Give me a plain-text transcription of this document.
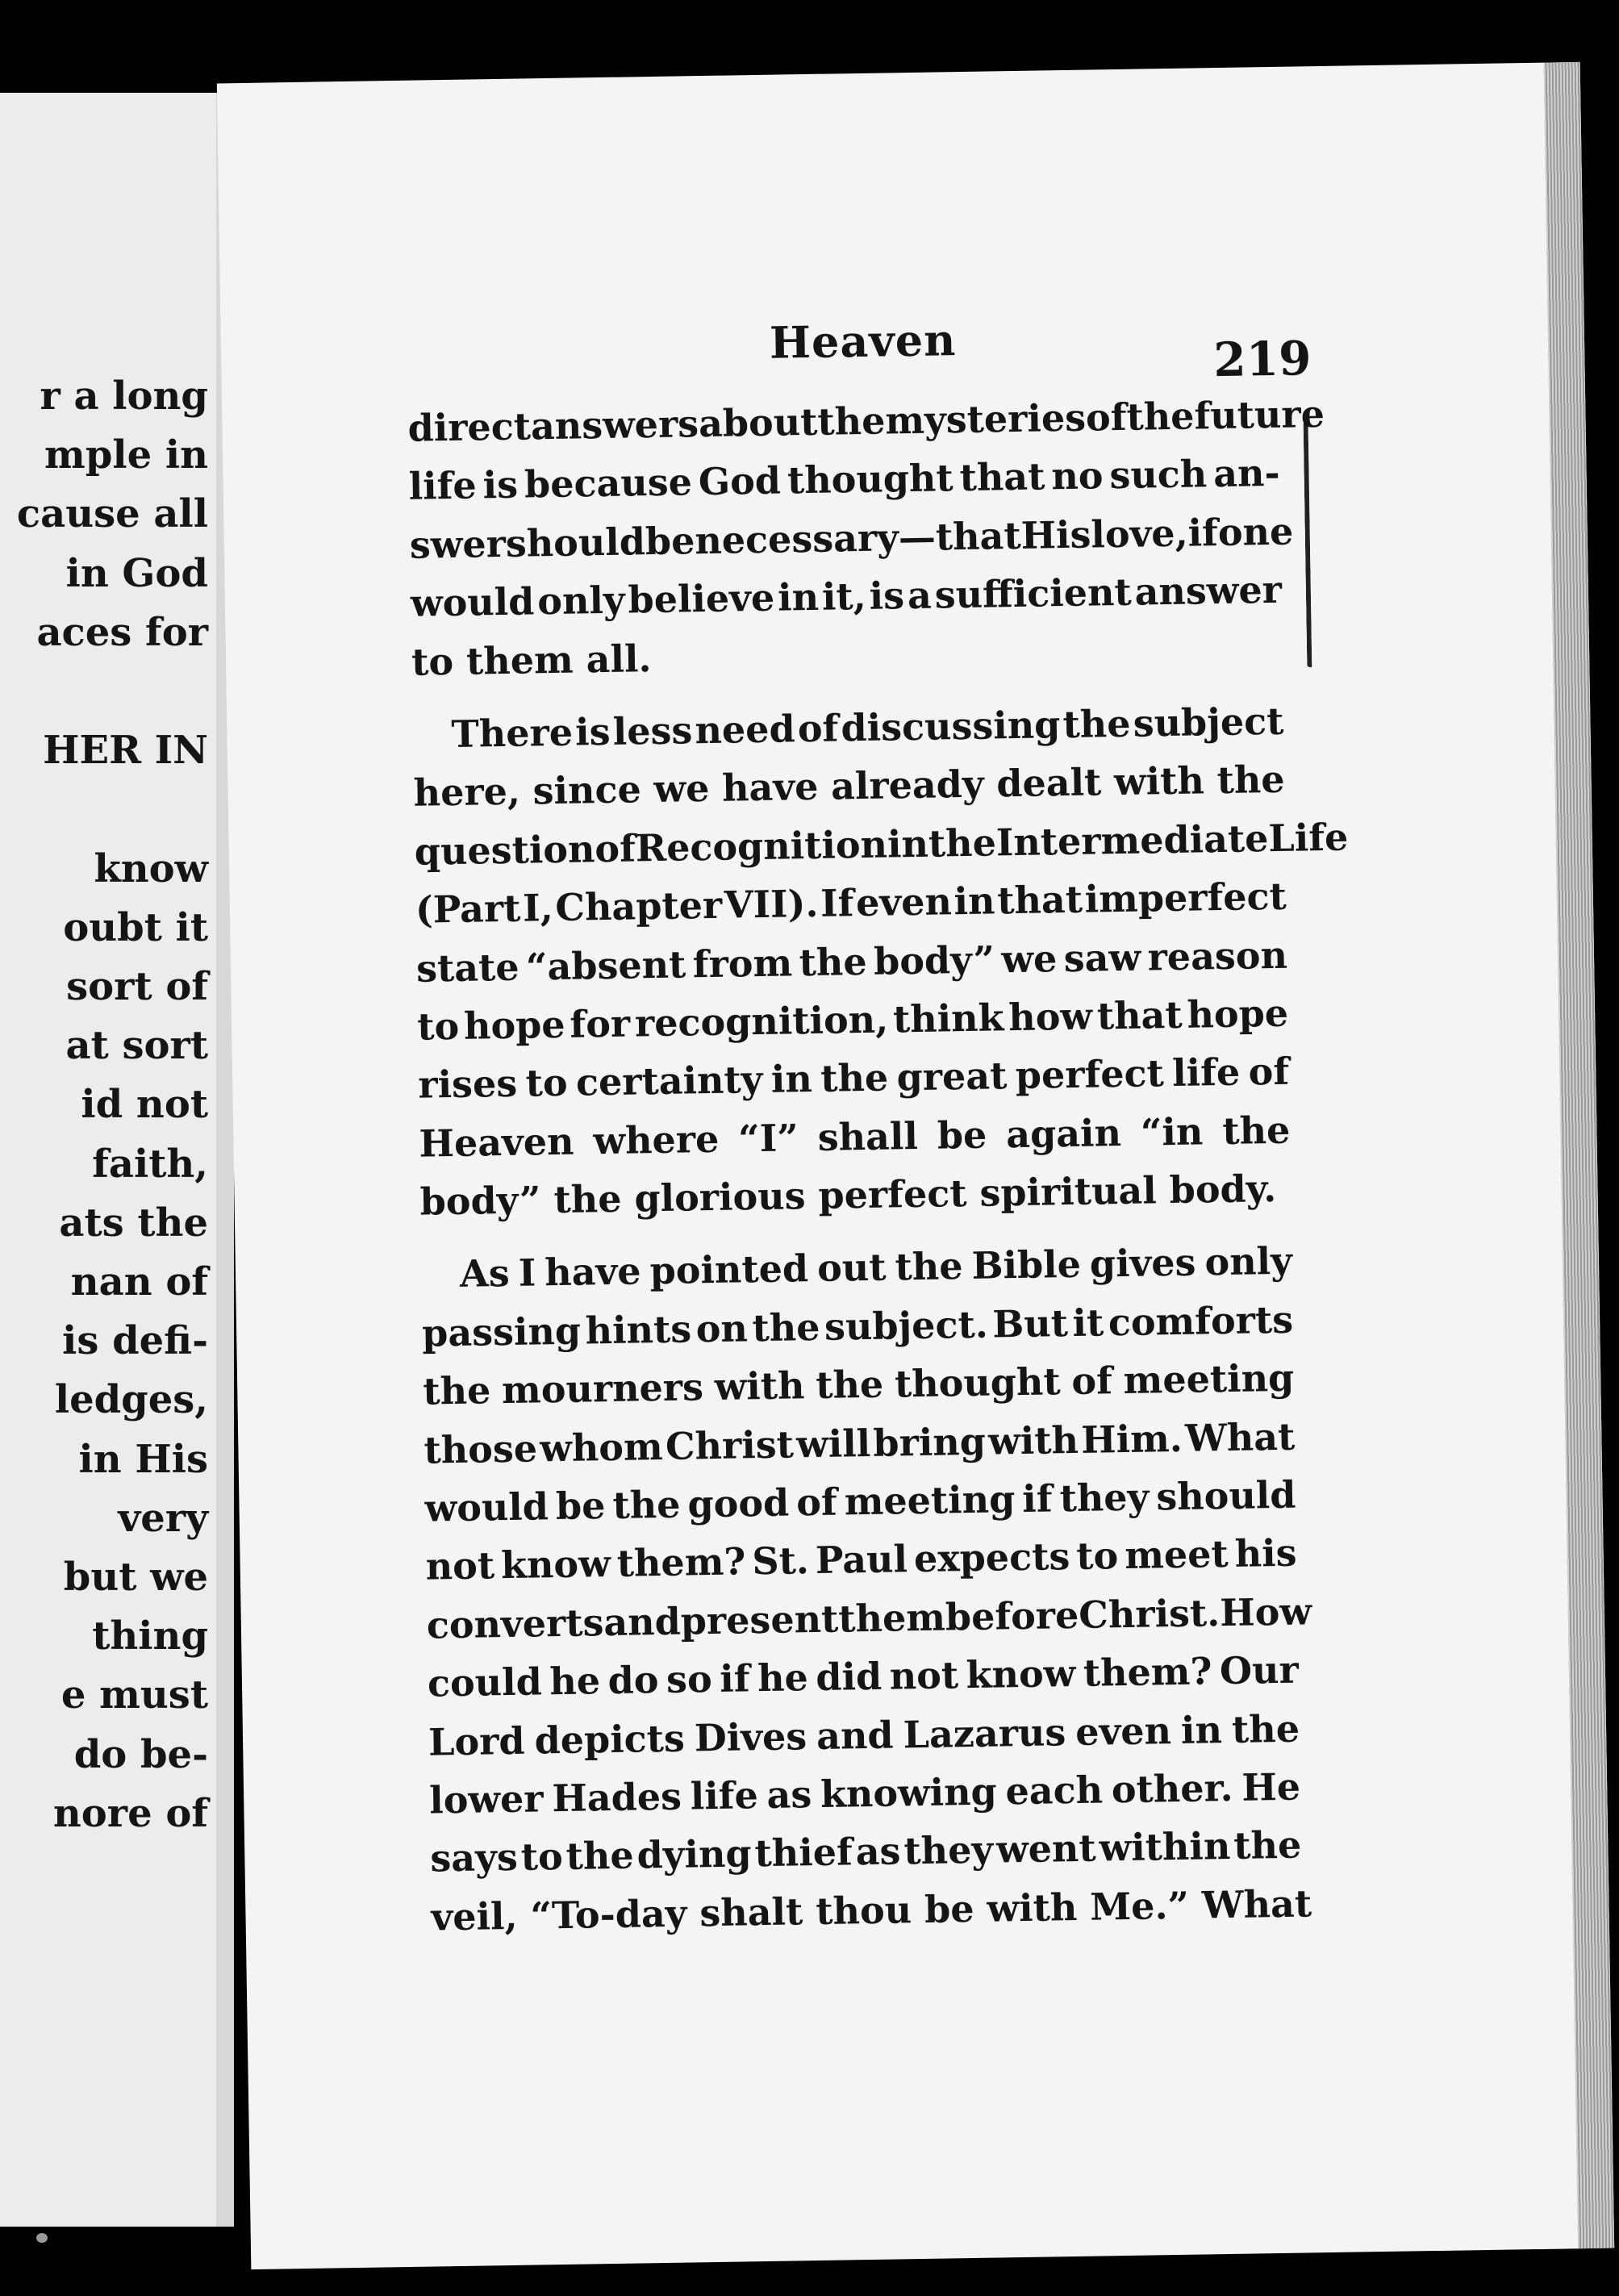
r a long
mple in
cause all
in God
aces for
HER IN
know
oubt it
sort of
at sort
id not
faith,
ats the
nan of
is defi-
ledges,
in His
very
but we
thing
e must
do be-
nore of
Heaven	219
direct answers about the mysteries of the future
life is because God thought that no such an-
swer should be necessary—that His love, if one
would only believe in it, is a sufficient answer
to them all.
There is less need of discussing the subject
here, since we have already dealt with the
question of Recognition in the Intermediate Life
(Part I, Chapter VII). If even in that imperfect
state “absent from the body” we saw reason
to hope for recognition, think how that hope
rises to certainty in the great perfect life of
Heaven where “I” shall be again “in the
body” the glorious perfect spiritual body.
As I have pointed out the Bible gives only
passing hints on the subject. But it comforts
the mourners with the thought of meeting
those whom Christ will bring with Him. What
would be the good of meeting if they should
not know them? St. Paul expects to meet his
converts and present them before Christ. How
could he do so if he did not know them? Our
Lord depicts Dives and Lazarus even in the
lower Hades life as knowing each other. He
says to the dying thief as they went within the
veil, “To-day shalt thou be with Me.” What
